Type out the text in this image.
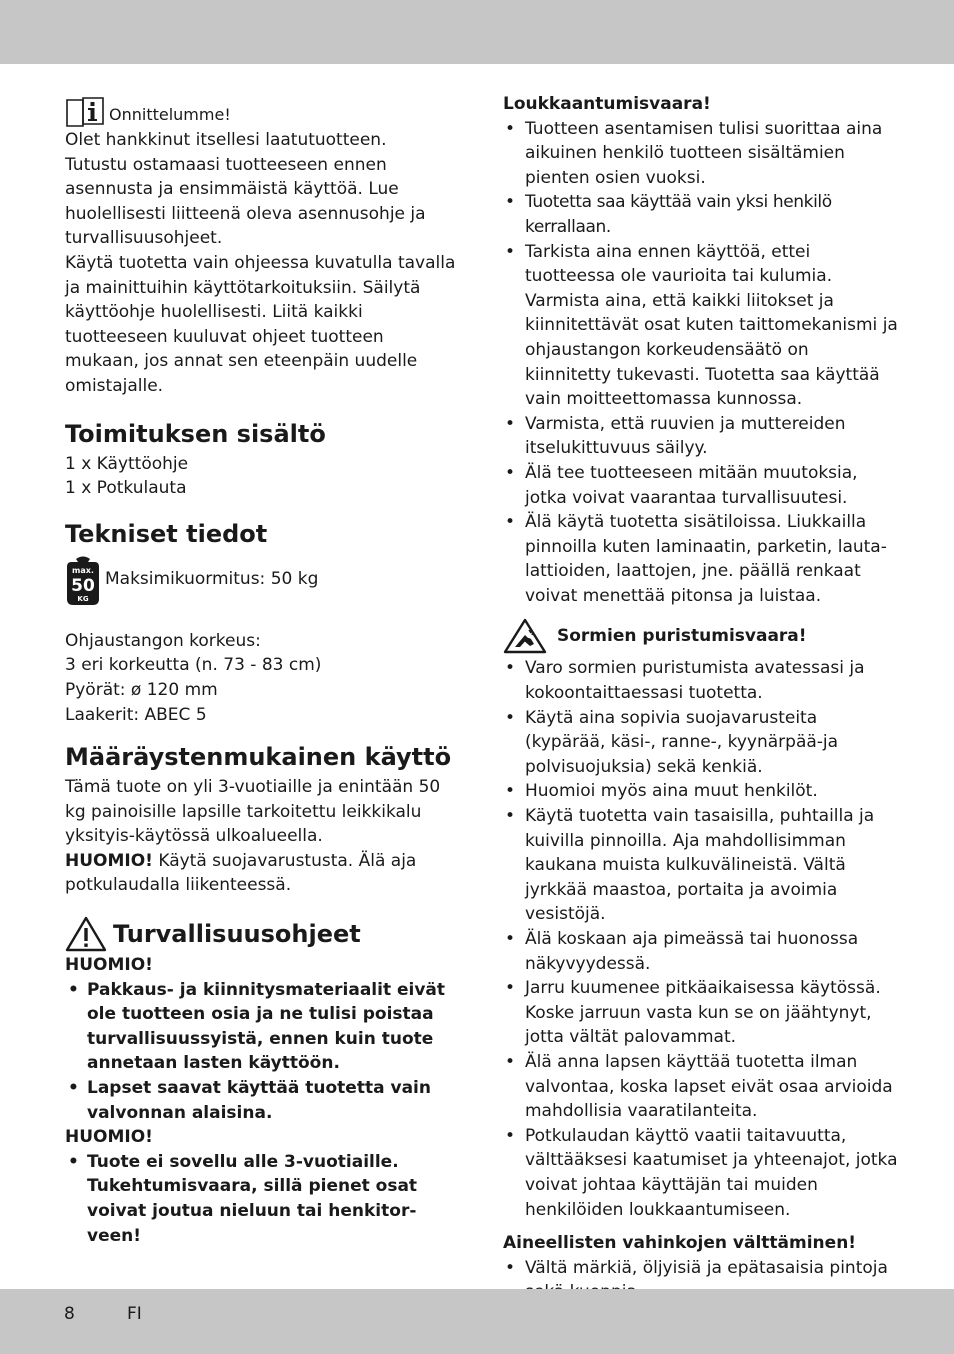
Onnittelumme!

Olet hankkinut itsellesi laatutuotteen.

Tutustu ostamaasi tuotteeseen ennen asennusta ja ensimmäistä käyttöä. Lue huolellisesti liitteenä oleva asennusohje ja turvallisuusohjeet.

Käytä tuotetta vain ohjeessa kuvatulla tavalla ja mainittuihin käyttötarkoituksiin. Säilytä käyttöohje huolellisesti. Liitä kaikki tuotteeseen kuuluvat ohjeet tuotteen mukaan, jos annat sen eteenpäin uudelle omistajalle.

Toimituksen sisältö

1 x Käyttöohje

1 x Potkulauta

Tekniset tiedot
max.
50
KG
Maksimikuormitus: 50 kg

Ohjaustangon korkeus:

3 eri korkeutta (n. 73 - 83 cm)

Pyörät: ø 120 mm

Laakerit: ABEC 5

Määräystenmukainen käyttö

Tämä tuote on yli 3-vuotiaille ja enintään 50 kg painoisille lapsille tarkoitettu leikkikalu yksityis-käytössä ulkoalueella.

HUOMIO! Käytä suojavarustusta. Älä aja potkulaudalla liikenteessä.

Turvallisuusohjeet

HUOMIO!

• Pakkaus- ja kiinnitysmateriaalit eivät ole tuotteen osia ja ne tulisi poistaa turvallisuussyistä, ennen kuin tuote annetaan lasten käyttöön.
• Lapset saavat käyttää tuotetta vain valvonnan alaisina.

HUOMIO!

• Tuote ei sovellu alle 3-vuotiaille. Tukehtumisvaara, sillä pienet osat voivat joutua nieluun tai henkitor-veen!

Loukkaantumisvaara!

• Tuotteen asentamisen tulisi suorittaa aina aikuinen henkilö tuotteen sisältämien pienten osien vuoksi.
• Tuotetta saa käyttää vain yksi henkilö kerrallaan.
• Tarkista aina ennen käyttöä, ettei tuotteessa ole vaurioita tai kulumia. Varmista aina, että kaikki liitokset ja kiinnitettävät osat kuten taittomekanismi ja ohjaustangon korkeudensäätö on kiinnitetty tukevasti. Tuotetta saa käyttää vain moitteettomassa kunnossa.
• Varmista, että ruuvien ja muttereiden itselukittuvuus säilyy.
• Älä tee tuotteeseen mitään muutoksia, jotka voivat vaarantaa turvallisuutesi.
• Älä käytä tuotetta sisätiloissa. Liukkailla pinnoilla kuten laminaatin, parketin, lauta-lattioiden, laattojen, jne. päällä renkaat voivat menettää pitonsa ja luistaa.
Sormien puristumisvaara!
• Varo sormien puristumista avatessasi ja kokoontaittaessasi tuotetta.
• Käytä aina sopivia suojavarusteita (kypärää, käsi-, ranne-, kyynärpää-ja polvisuojuksia) sekä kenkiä.
• Huomioi myös aina muut henkilöt.
• Käytä tuotetta vain tasaisilla, puhtailla ja kuivilla pinnoilla. Aja mahdollisimman kaukana muista kulkuvälineistä. Vältä jyrkkää maastoa, portaita ja avoimia vesistöjä.
• Älä koskaan aja pimeässä tai huonossa näkyvyydessä.
• Jarru kuumenee pitkäaikaisessa käytössä. Koske jarruun vasta kun se on jäähtynyt, jotta vältät palovammat.
• Älä anna lapsen käyttää tuotetta ilman valvontaa, koska lapset eivät osaa arvioida mahdollisia vaaratilanteita.
• Potkulaudan käyttö vaatii taitavuutta, välttääksesi kaatumiset ja yhteenajot, jotka voivat johtaa käyttäjän tai muiden henkilöiden loukkaantumiseen.

Aineellisten vahinkojen välttäminen!

• Vältä märkiä, öljyisiä ja epätasaisia pintoja
8	FI
